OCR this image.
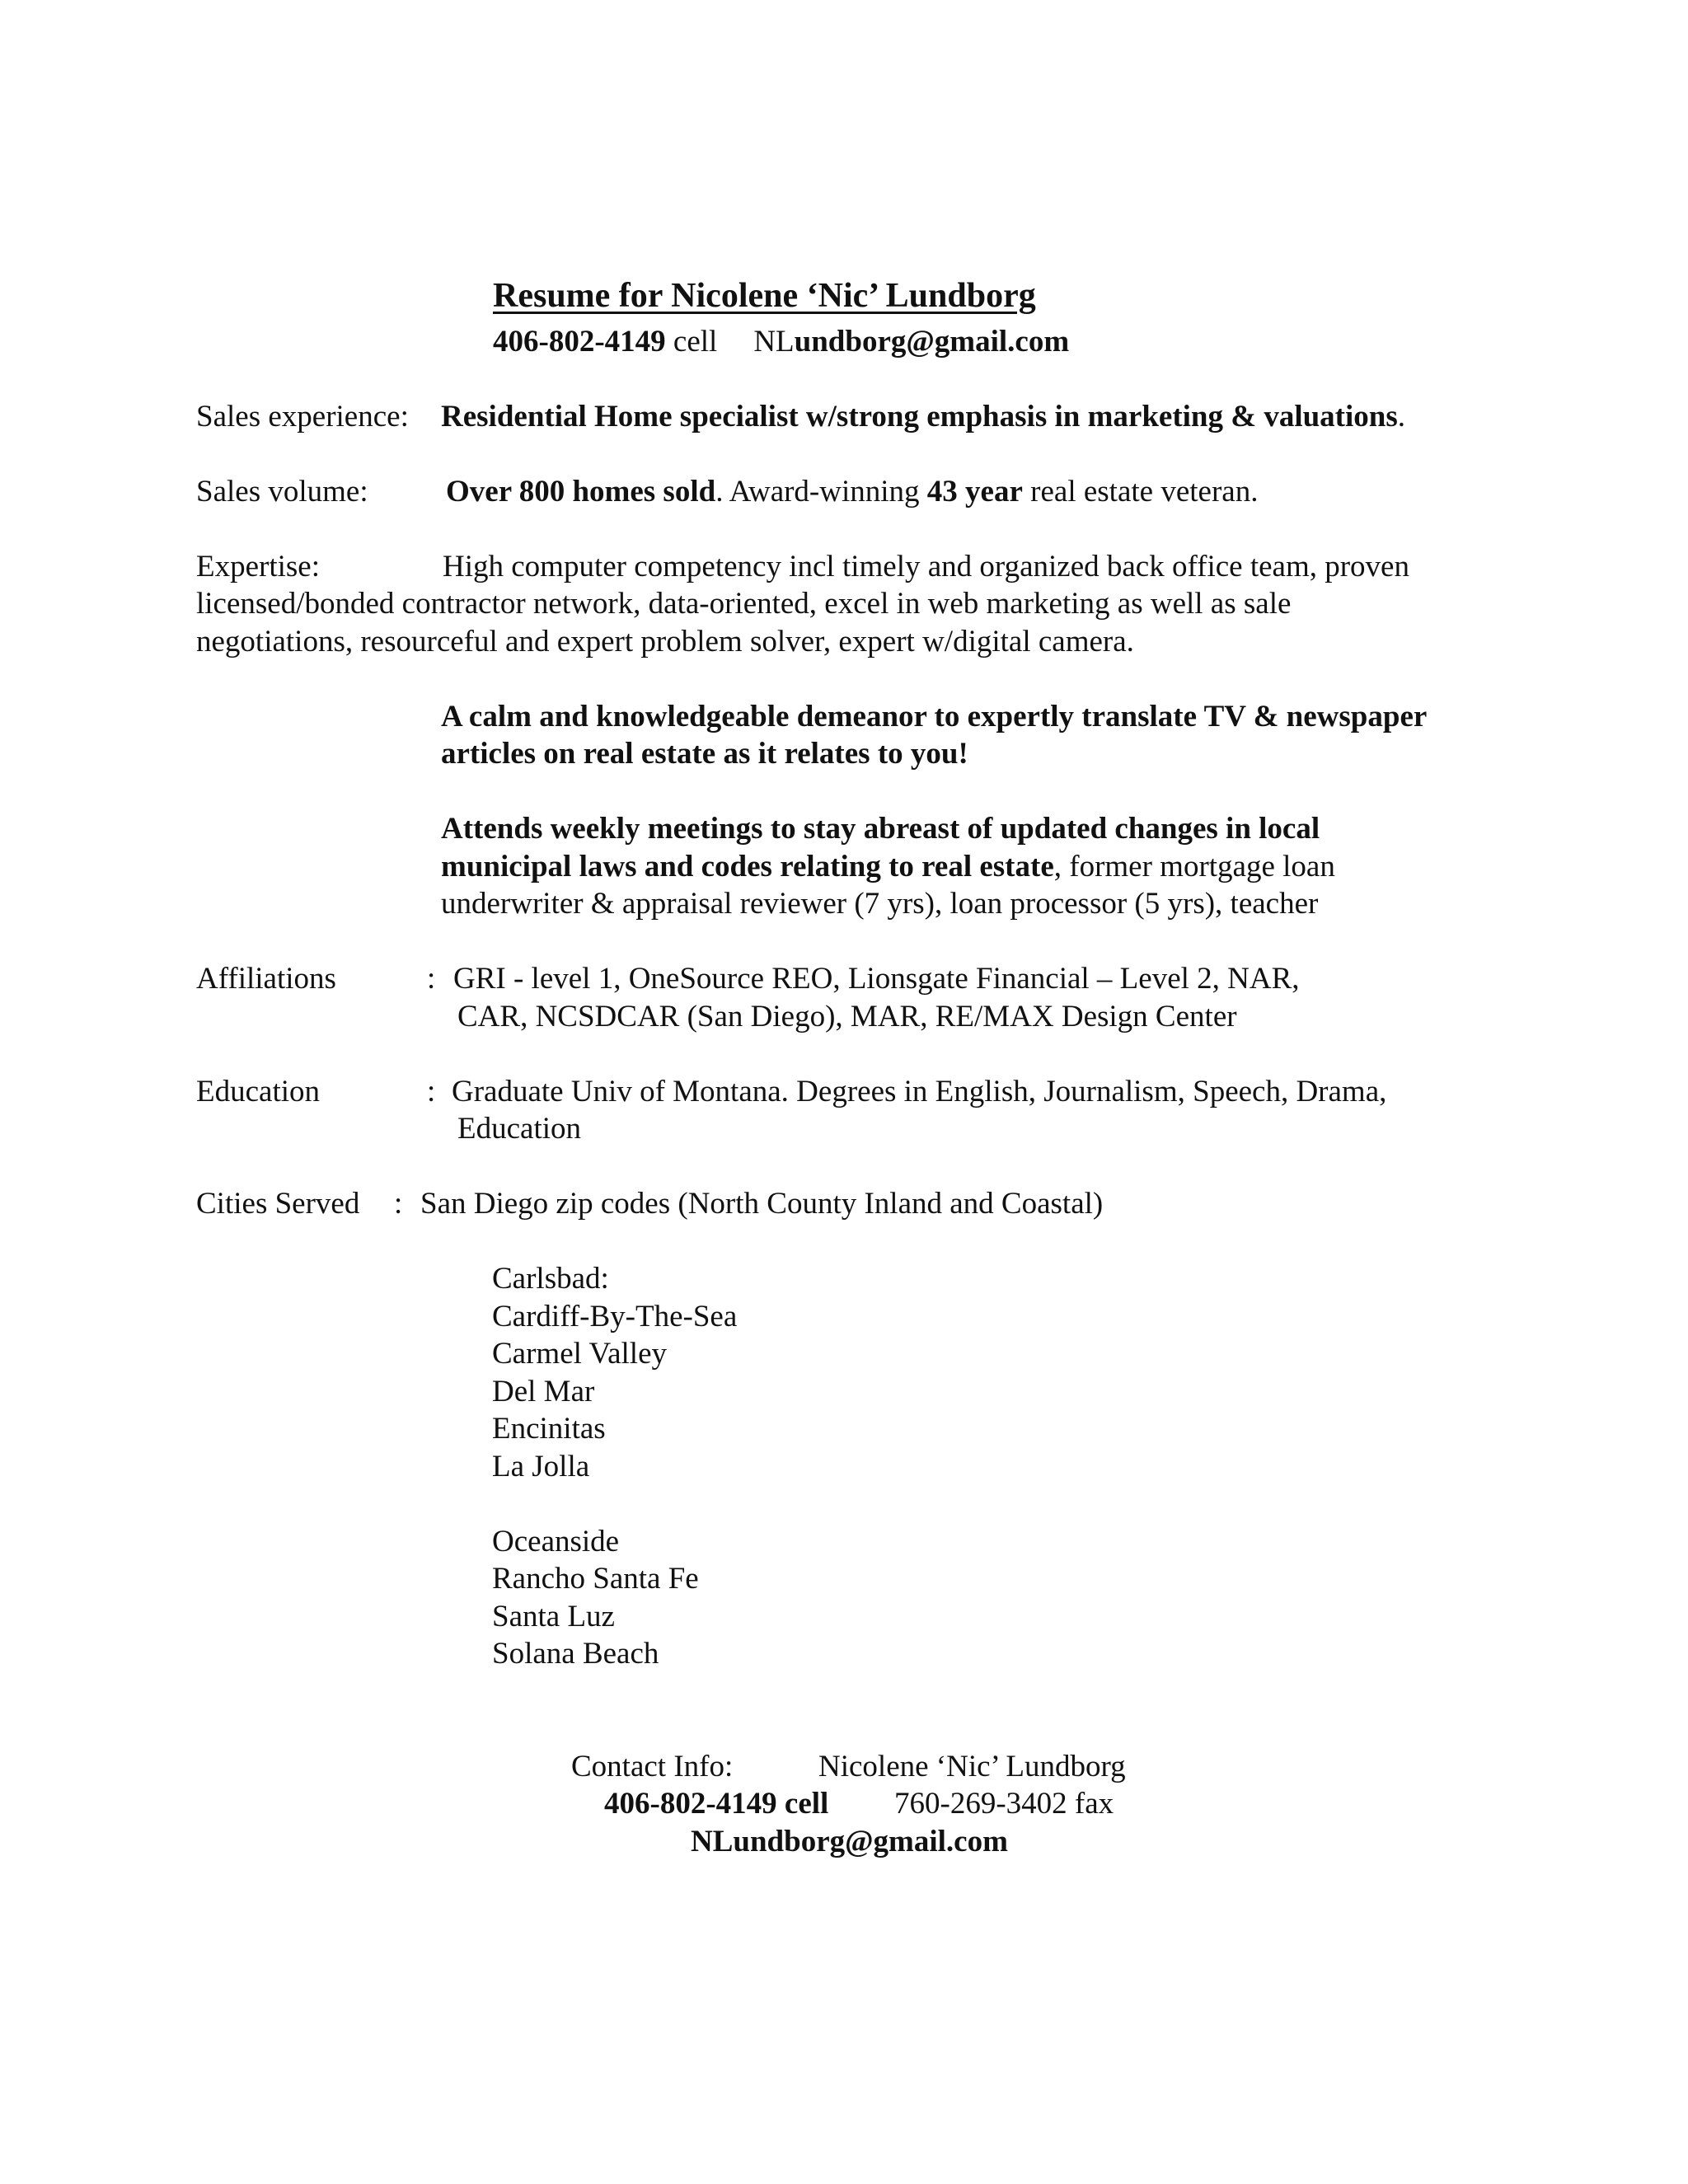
Resume for Nicolene ‘Nic’ Lundborg
406-802-4149 cell NLundborg@gmail.com
Sales experience: Residential Home specialist w/strong emphasis in marketing & valuations.
Sales volume:	Over 800 homes sold. Award-winning 43 year real estate veteran.
Expertise:	High computer competency incl timely and organized back office team, proven
licensed/bonded contractor network, data-oriented, excel in web marketing as well as sale
negotiations, resourceful and expert problem solver, expert w/digital camera.
A calm and knowledgeable demeanor to expertly translate TV & newspaper
articles on real estate as it relates to you!
Attends weekly meetings to stay abreast of updated changes in local
municipal laws and codes relating to real estate, former mortgage loan
underwriter & appraisal reviewer (7 yrs), loan processor (5 yrs), teacher
Affiliations	: GRI - level 1, OneSource REO, Lionsgate Financial – Level 2, NAR,
CAR, NCSDCAR (San Diego), MAR, RE/MAX Design Center
Education	: Graduate Univ of Montana. Degrees in English, Journalism, Speech, Drama,
Education
Cities Served : San Diego zip codes (North County Inland and Coastal)
Carlsbad:
Cardiff-By-The-Sea
Carmel Valley
Del Mar
Encinitas
La Jolla
Oceanside
Rancho Santa Fe
Santa Luz
Solana Beach
Contact Info:	Nicolene ‘Nic’ Lundborg
406-802-4149 cell 760-269-3402 fax
NLundborg@gmail.com
